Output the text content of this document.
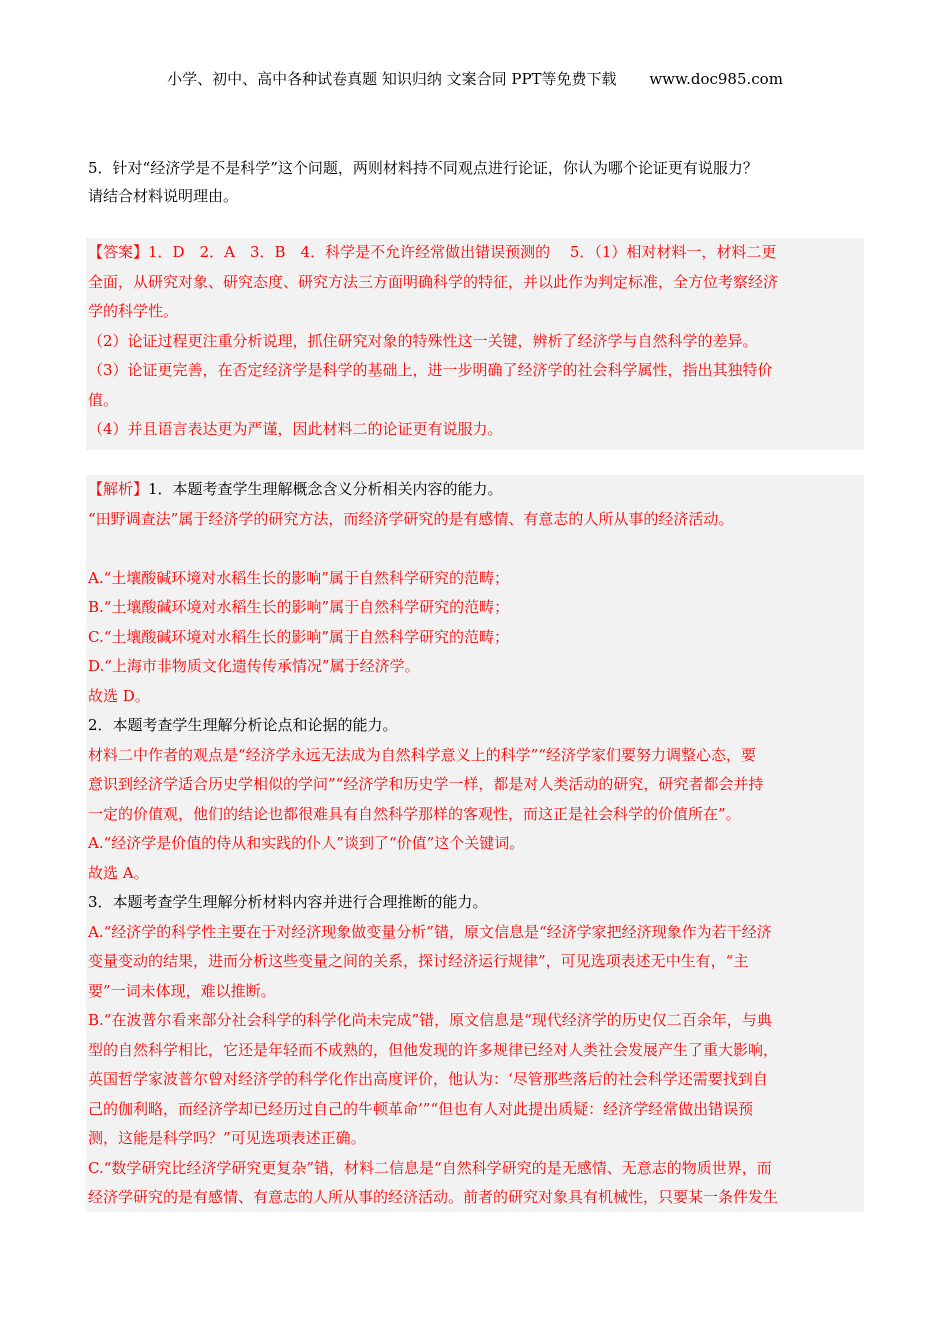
小学、初中、高中各种试卷真题 知识归纳 文案合同 PPT等免费下载 www.doc985.com
5．针对“经济学是不是科学”这个问题，两则材料持不同观点进行论证，你认为哪个论证更有说服力？
请结合材料说明理由。

【答案】1．D　2．A　3．B　4．科学是不允许经常做出错误预测的　 5．（1）相对材料一，材料二更

全面，从研究对象、研究态度、研究方法三方面明确科学的特征，并以此作为判定标准，全方位考察经济

学的科学性。

（2）论证过程更注重分析说理，抓住研究对象的特殊性这一关键，辨析了经济学与自然科学的差异。

（3）论证更完善，在否定经济学是科学的基础上，进一步明确了经济学的社会科学属性，指出其独特价

值。

（4）并且语言表达更为严谨，因此材料二的论证更有说服力。

【解析】1．本题考查学生理解概念含义分析相关内容的能力。

“田野调查法”属于经济学的研究方法，而经济学研究的是有感情、有意志的人所从事的经济活动。

A.“土壤酸碱环境对水稻生长的影响”属于自然科学研究的范畴；

B.“土壤酸碱环境对水稻生长的影响”属于自然科学研究的范畴；

C.“土壤酸碱环境对水稻生长的影响”属于自然科学研究的范畴；

D.“上海市非物质文化遗传传承情况”属于经济学。

故选 D。

2．本题考查学生理解分析论点和论据的能力。

材料二中作者的观点是“经济学永远无法成为自然科学意义上的科学”“经济学家们要努力调整心态，要

意识到经济学适合历史学相似的学问”“经济学和历史学一样，都是对人类活动的研究，研究者都会并持

一定的价值观，他们的结论也都很难具有自然科学那样的客观性，而这正是社会科学的价值所在”。

A.“经济学是价值的侍从和实践的仆人”谈到了“价值”这个关键词。

故选 A。

3．本题考查学生理解分析材料内容并进行合理推断的能力。

A.“经济学的科学性主要在于对经济现象做变量分析”错，原文信息是“经济学家把经济现象作为若干经济

变量变动的结果，进而分析这些变量之间的关系，探讨经济运行规律”，可见选项表述无中生有，“主

要”一词未体现，难以推断。

B.“在波普尔看来部分社会科学的科学化尚未完成”错，原文信息是“现代经济学的历史仅二百余年，与典

型的自然科学相比，它还是年轻而不成熟的，但他发现的许多规律已经对人类社会发展产生了重大影响，

英国哲学家波普尔曾对经济学的科学化作出高度评价，他认为：‘尽管那些落后的社会科学还需要找到自

己的伽利略，而经济学却已经历过自己的牛顿革命’”“但也有人对此提出质疑：经济学经常做出错误预

测，这能是科学吗？”可见选项表述正确。

C.“数学研究比经济学研究更复杂”错，材料二信息是“自然科学研究的是无感情、无意志的物质世界，而

经济学研究的是有感情、有意志的人所从事的经济活动。前者的研究对象具有机械性，只要某一条件发生
